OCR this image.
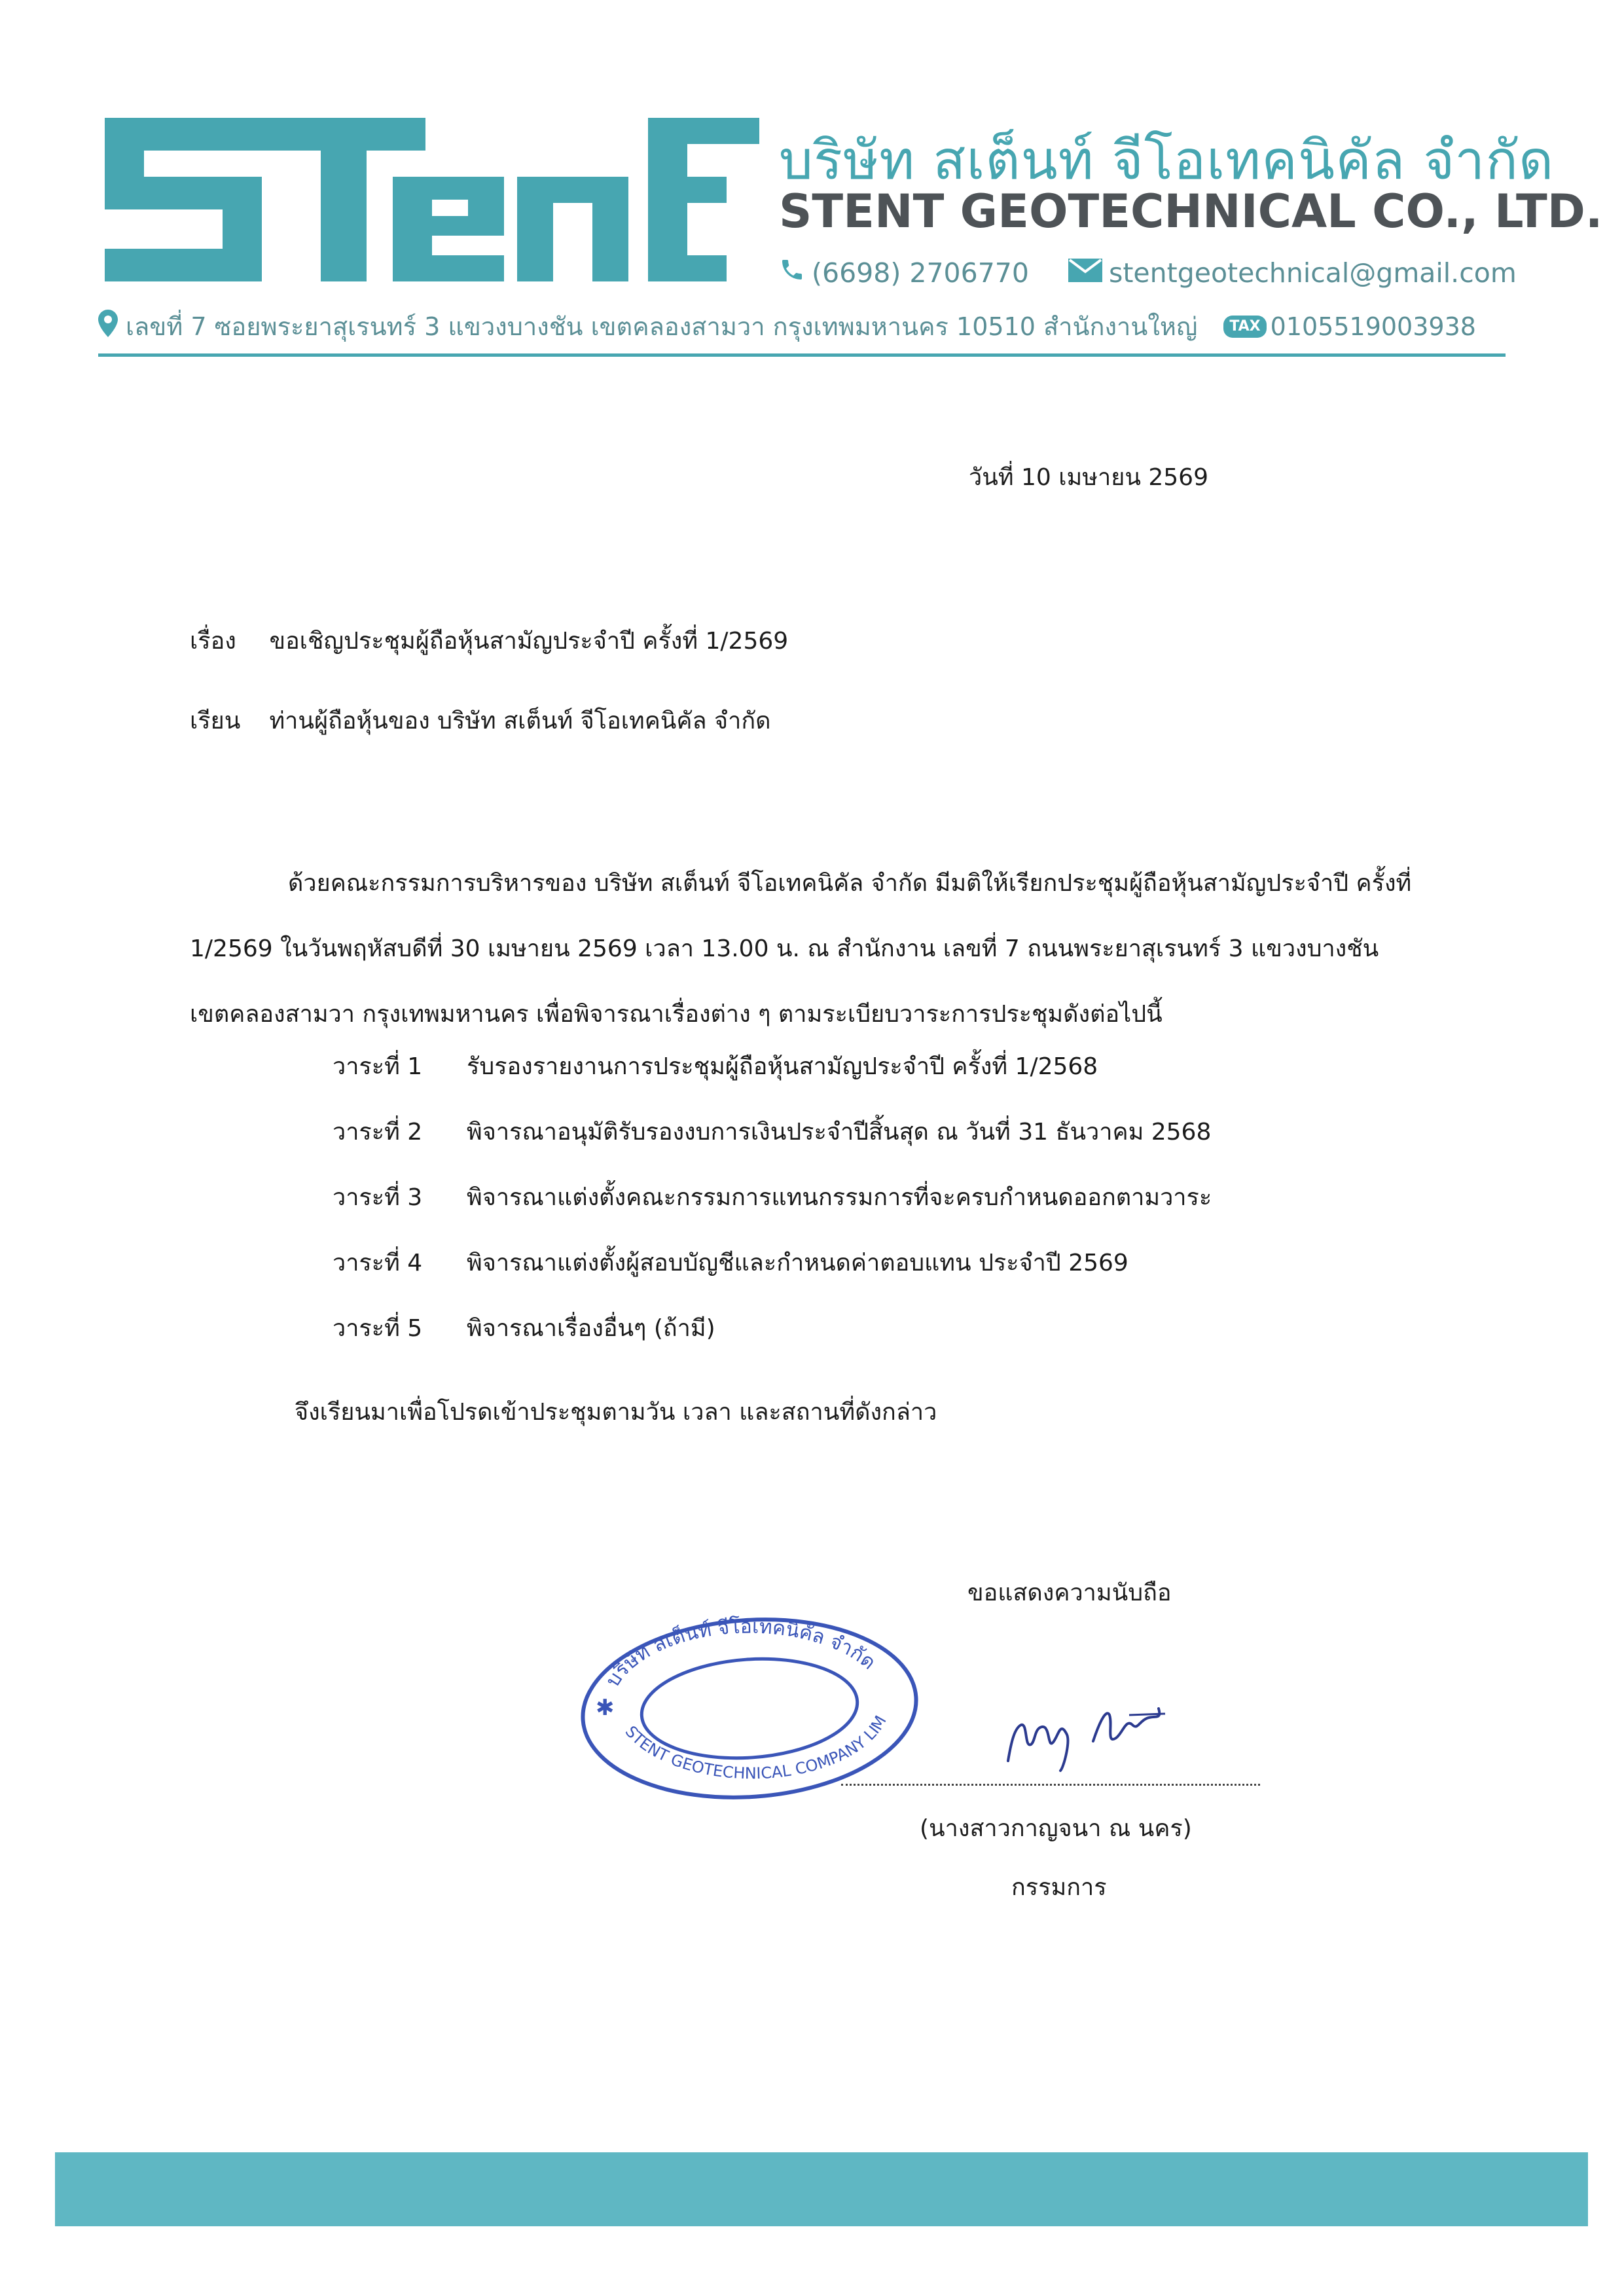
บริษัท สเต็นท์ จีโอเทคนิคัล จำกัด
STENT GEOTECHNICAL CO., LTD.
(6698) 2706770	stentgeotechnical@gmail.com
เลขที่ 7 ซอยพระยาสุเรนทร์ 3 แขวงบางชัน เขตคลองสามวา กรุงเทพมหานคร 10510 สำนักงานใหญ่	TAX 0105519003938
วันที่ 10 เมษายน 2569
เรื่อง ขอเชิญประชุมผู้ถือหุ้นสามัญประจำปี ครั้งที่ 1/2569
เรียน ท่านผู้ถือหุ้นของ บริษัท สเต็นท์ จีโอเทคนิคัล จำกัด
ด้วยคณะกรรมการบริหารของ บริษัท สเต็นท์ จีโอเทคนิคัล จำกัด มีมติให้เรียกประชุมผู้ถือหุ้นสามัญประจำปี ครั้งที่
1/2569 ในวันพฤหัสบดีที่ 30 เมษายน 2569 เวลา 13.00 น. ณ สำนักงาน เลขที่ 7 ถนนพระยาสุเรนทร์ 3 แขวงบางชัน
เขตคลองสามวา กรุงเทพมหานคร เพื่อพิจารณาเรื่องต่าง ๆ ตามระเบียบวาระการประชุมดังต่อไปนี้
วาระที่ 1 รับรองรายงานการประชุมผู้ถือหุ้นสามัญประจำปี ครั้งที่ 1/2568
วาระที่ 2 พิจารณาอนุมัติรับรองงบการเงินประจำปีสิ้นสุด ณ วันที่ 31 ธันวาคม 2568
วาระที่ 3 พิจารณาแต่งตั้งคณะกรรมการแทนกรรมการที่จะครบกำหนดออกตามวาระ
วาระที่ 4 พิจารณาแต่งตั้งผู้สอบบัญชีและกำหนดค่าตอบแทน ประจำปี 2569
วาระที่ 5 พิจารณาเรื่องอื่นๆ (ถ้ามี)
จึงเรียนมาเพื่อโปรดเข้าประชุมตามวัน เวลา และสถานที่ดังกล่าว
ขอแสดงความนับถือ
บริษัท สเต็นท์ จีโอเทคนิคัล จำกัด
STENT GEOTECHNICAL COMPANY LIM
✱
(นางสาวกาญจนา ณ นคร)
กรรมการ
